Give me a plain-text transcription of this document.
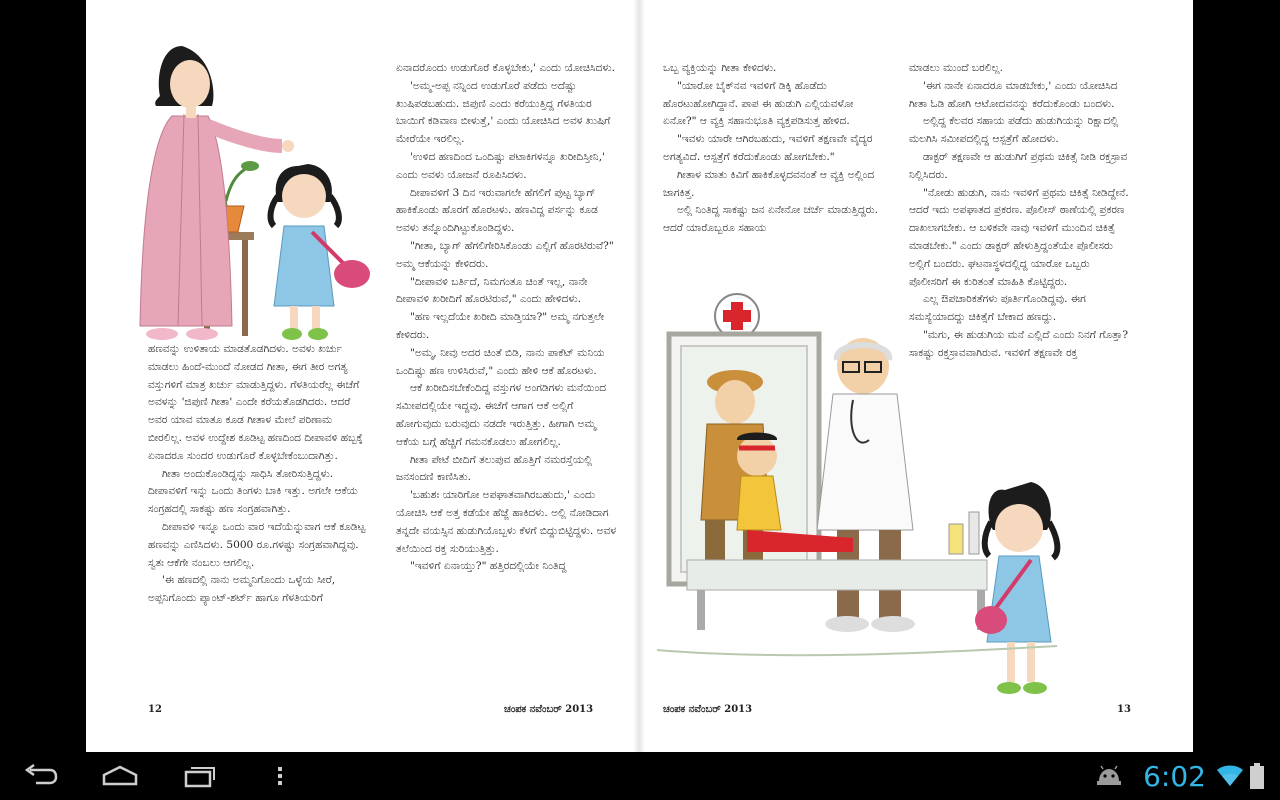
ಹಣವನ್ನು ಉಳಿತಾಯ ಮಾಡತೊಡಗಿದಳು. ಅವಳು ಖರ್ಚು ಮಾಡಲು ಹಿಂದೆ-ಮುಂದೆ ನೋಡದ ಗೀತಾ, ಈಗ ತೀರ ಅಗತ್ಯ ವಸ್ತುಗಳಿಗೆ ಮಾತ್ರ ಖರ್ಚು ಮಾಡುತ್ತಿದ್ದಳು. ಗೆಳತಿಯರೆಲ್ಲ ಈಚೆಗೆ ಅವಳನ್ನು 'ಜಿಪುಣಿ ಗೀತಾ' ಎಂದೇ ಕರೆಯತೊಡಗಿದರು. ಆದರೆ ಅವರ ಯಾವ ಮಾತೂ ಕೂಡ ಗೀತಾಳ ಮೇಲೆ ಪರಿಣಾಮ ಬೀರಲಿಲ್ಲ. ಅವಳ ಉದ್ದೇಶ ಕೂಡಿಟ್ಟ ಹಣದಿಂದ ದೀಪಾವಳಿ ಹಬ್ಬಕ್ಕೆ ಏನಾದರೂ ಸುಂದರ ಉಡುಗೊರೆ ಕೊಳ್ಳಬೇಕೆಂಬುದಾಗಿತ್ತು.

ಗೀತಾ ಅಂದುಕೊಂಡಿದ್ದನ್ನು ಸಾಧಿಸಿ ತೋರಿಸುತ್ತಿದ್ದಳು. ದೀಪಾವಳಿಗೆ ಇನ್ನು ಒಂದು ತಿಂಗಳು ಬಾಕಿ ಇತ್ತು. ಅಗಲೇ ಆಕೆಯ ಸಂಗ್ರಹದಲ್ಲಿ ಸಾಕಷ್ಟು ಹಣ ಸಂಗ್ರಹವಾಗಿತ್ತು.

ದೀಪಾವಳಿ ಇನ್ನೂ ಒಂದು ವಾರ ಇದೆಯೆನ್ನುವಾಗ ಆಕೆ ಕೂಡಿಟ್ಟ ಹಣವನ್ನು ಎಣಿಸಿದಳು. 5000 ರೂ.ಗಳಷ್ಟು ಸಂಗ್ರಹವಾಗಿದ್ದವು. ಸ್ವತಃ ಆಕೆಗೇ ನಂಬಲು ಆಗಲಿಲ್ಲ.

'ಈ ಹಣದಲ್ಲಿ ನಾನು ಅಮ್ಮನಿಗೊಂದು ಒಳ್ಳೆಯ ಸೀರೆ, ಅಪ್ಪನಿಗೊಂದು ಪ್ಯಾಂಟ್-ಶರ್ಟ್ ಹಾಗೂ ಗೆಳತಿಯರಿಗೆ

ಏನಾದರೊಂದು ಉಡುಗೊರೆ ಕೊಳ್ಳಬೇಕು,' ಎಂದು ಯೋಚಿಸಿದಳು.

'ಅಮ್ಮ-ಅಪ್ಪ ನನ್ನಿಂದ ಉಡುಗೊರೆ ಪಡೆದು ಅದೆಷ್ಟು ಖುಷಿಪಡಬಹುದು. ಜಿಪುಣಿ ಎಂದು ಕರೆಯುತ್ತಿದ್ದ ಗೆಳತಿಯರ ಬಾಯಿಗೆ ಕಡಿವಾಣ ಬೀಳುತ್ತೆ,' ಎಂದು ಯೋಚಿಸಿದ ಅವಳ ಖುಷಿಗೆ ಮೇರೆಯೇ ಇರಲಿಲ್ಲ.

'ಉಳಿದ ಹಣದಿಂದ ಒಂದಿಷ್ಟು ಪಟಾಕಿಗಳನ್ನೂ ಖರೀದಿಸ್ತೀನಿ,' ಎಂದು ಅವಳು ಯೋಜನೆ ರೂಪಿಸಿದಳು.

ದೀಪಾವಳಿಗೆ 3 ದಿನ ಇರುವಾಗಲೇ ಹೆಗಲಿಗೆ ಪುಟ್ಟ ಬ್ಯಾಗ್ ಹಾಕಿಕೊಂಡು ಹೊರಗೆ ಹೊರಟಳು. ಹಣವಿದ್ದ ಪರ್ಸನ್ನು ಕೂಡ ಅವಳು ತನ್ನೊಂದಿಗಿಟ್ಟುಕೊಂಡಿದ್ದಳು.

"ಗೀತಾ, ಬ್ಯಾಗ್ ಹೆಗಲಿಗೇರಿಸಿಕೊಂಡು ಎಲ್ಲಿಗೆ ಹೊರಟಿರುವೆ?" ಅಮ್ಮ ಆಕೆಯನ್ನು ಕೇಳಿದರು.

"ದೀಪಾವಳಿ ಬರ್ತಿದೆ, ನಿಮಗಂತೂ ಚಿಂತೆ ಇಲ್ಲ, ನಾನೇ ದೀಪಾವಳಿ ಖರೀದಿಗೆ ಹೊರಟಿರುವೆ," ಎಂದು ಹೇಳಿದಳು.

"ಹಣ ಇಲ್ಲದೆಯೇ ಖರೀದಿ ಮಾಡ್ತಿಯಾ?" ಅಮ್ಮ ನಗುತ್ತಲೇ ಕೇಳಿದರು.

"ಅಮ್ಮ, ನೀವು ಅದರ ಚಿಂತೆ ಬಿಡಿ, ನಾನು ಪಾಕೆಟ್ ಮನಿಯ ಒಂದಿಷ್ಟು ಹಣ ಉಳಿಸಿರುವೆ," ಎಂದು ಹೇಳಿ ಆಕೆ ಹೊರಟಳು.

ಆಕೆ ಖರೀದಿಸಬೇಕೆಂದಿದ್ದ ವಸ್ತುಗಳ ಅಂಗಡಿಗಳು ಮನೆಯಿಂದ ಸಮೀಪದಲ್ಲಿಯೇ ಇದ್ದವು. ಈಚೆಗೆ ಆಗಾಗ ಆಕೆ ಅಲ್ಲಿಗೆ ಹೋಗುವುದು ಬರುವುದು ನಡದೇ ಇರುತ್ತಿತ್ತು. ಹೀಗಾಗಿ ಅಮ್ಮ ಆಕೆಯ ಬಗ್ಗೆ ಹೆಚ್ಚಿಗೆ ಗಮನಕೊಡಲು ಹೋಗಲಿಲ್ಲ.

ಗೀತಾ ಪೇಟೆ ಬೀದಿಗೆ ತಲುಪುವ ಹೊತ್ತಿಗೆ ನಮರಸ್ತೆಯಲ್ಲಿ ಜನಸಂದಣಿ ಕಾಣಿಸಿತು.

'ಬಹುಶಃ ಯಾರಿಗೋ ಅಪಘಾತವಾಗಿರಬಹುದು,' ಎಂದು ಯೋಚಿಸಿ ಆಕೆ ಅತ್ತ ಕಡೆಯೇ ಹೆಜ್ಜೆ ಹಾಕಿದಳು. ಅಲ್ಲಿ ನೋಡಿದಾಗ ತನ್ನದೇ ವಯಸ್ಸಿನ ಹುಡುಗಿಯೊಬ್ಬಳು ಕೆಳಗೆ ಬಿದ್ದುಬಿಟ್ಟಿದ್ದಳು. ಅವಳ ತಲೆಯಿಂದ ರಕ್ತ ಸುರಿಯುತ್ತಿತ್ತು.

"ಇವಳಿಗೆ ಏನಾಯ್ತು?" ಹತ್ತಿರದಲ್ಲಿಯೇ ನಿಂತಿದ್ದ

12	ಚಂಪಕ ನವೆಂಬರ್ 2013

ಒಬ್ಬ ವ್ಯಕ್ತಿಯನ್ನು ಗೀತಾ ಕೇಳಿದಳು.

"ಯಾರೋ ಬೈಕ್‌ನವ ಇವಳಿಗೆ ಡಿಕ್ಕಿ ಹೊಡೆದು ಹೊರಟುಹೋಗಿದ್ದಾನೆ. ಪಾಪ ಈ ಹುಡುಗಿ ಎಲ್ಲಿಯವಳೋ ಏನೋ?" ಆ ವ್ಯಕ್ತಿ ಸಹಾನುಭೂತಿ ವ್ಯಕ್ತಪಡಿಸುತ್ತ ಹೇಳಿದ.

"ಇವಳು ಯಾರೇ ಆಗಿರಬಹುದು, ಇವಳಿಗೆ ತಕ್ಷಣವೇ ವೈದ್ಯರ ಅಗತ್ಯವಿದೆ. ಆಸ್ಪತ್ರೆಗೆ ಕರೆದುಕೊಂಡು ಹೋಗಬೇಕು."

ಗೀತಾಳ ಮಾತು ಕಿವಿಗೆ ಹಾಕಿಕೊಳ್ಳದವನಂತೆ ಆ ವ್ಯಕ್ತಿ ಅಲ್ಲಿಂದ ಜಾಗಕಿತ್ತ.

ಅಲ್ಲಿ ನಿಂತಿದ್ದ ಸಾಕಷ್ಟು ಜನ ಏನೇನೋ ಚರ್ಚೆ ಮಾಡುತ್ತಿದ್ದರು. ಆದರೆ ಯಾರೊಬ್ಬರೂ ಸಹಾಯ

ಮಾಡಲು ಮುಂದೆ ಬರಲಿಲ್ಲ.

'ಈಗ ನಾನೇ ಏನಾದರೂ ಮಾಡಬೇಕು,' ಎಂದು ಯೋಚಿಸಿದ ಗೀತಾ ಓಡಿ ಹೋಗಿ ಆಟೋದವನನ್ನು ಕರೆದುಕೊಂಡು ಬಂದಳು.

ಅಲ್ಲಿದ್ದ ಕೆಲವರ ಸಹಾಯ ಪಡೆದು ಹುಡುಗಿಯನ್ನು ರಿಕ್ಷಾದಲ್ಲಿ ಮಲಗಿಸಿ ಸಮೀಪದಲ್ಲಿದ್ದ ಆಸ್ಪತ್ರೆಗೆ ಹೋದಳು.

ಡಾಕ್ಟರ್ ತಕ್ಷಣವೇ ಆ ಹುಡುಗಿಗೆ ಪ್ರಥಮ ಚಿಕಿತ್ಸೆ ನೀಡಿ ರಕ್ತಸ್ರಾವ ನಿಲ್ಲಿಸಿದರು.

"ನೋಡು ಹುಡುಗಿ, ನಾನು ಇವಳಿಗೆ ಪ್ರಥಮ ಚಿಕಿತ್ಸೆ ನೀಡಿದ್ದೇನೆ. ಆದರೆ ಇದು ಅಪಘಾತದ ಪ್ರಕರಣ. ಪೊಲೀಸ್ ಠಾಣೆಯಲ್ಲಿ ಪ್ರಕರಣ ದಾಖಲಾಗಬೇಕು. ಆ ಬಳಿಕವೇ ನಾವು ಇವಳಿಗೆ ಮುಂದಿನ ಚಿಕಿತ್ಸೆ ಮಾಡಬೇಕು." ಎಂದು ಡಾಕ್ಟರ್ ಹೇಳುತ್ತಿದ್ದಂತೆಯೇ ಪೊಲೀಸರು ಅಲ್ಲಿಗೆ ಬಂದರು. ಘಟನಾಸ್ಥಳದಲ್ಲಿದ್ದ ಯಾರೋ ಒಬ್ಬರು ಪೊಲೀಸರಿಗೆ ಈ ಕುರಿತಂತೆ ಮಾಹಿತಿ ಕೊಟ್ಟಿದ್ದರು.

ಎಲ್ಲ ಔಪಚಾರಿಕತೆಗಳು ಪೂರ್ತಿಗೊಂಡಿದ್ದವು. ಈಗ ಸಮಸ್ಯೆಯಾದದ್ದು ಚಿಕಿತ್ಸೆಗೆ ಬೇಕಾದ ಹಣದ್ದು.

"ಮಗು, ಈ ಹುಡುಗಿಯ ಮನೆ ಎಲ್ಲಿದೆ ಎಂದು ನಿನಗೆ ಗೊತ್ತಾ? ಸಾಕಷ್ಟು ರಕ್ತಸ್ರಾವವಾಗಿರುವ. ಇವಳಿಗೆ ತಕ್ಷಣವೇ ರಕ್ತ

ಚಂಪಕ ನವೆಂಬರ್ 2013	13
6:02
